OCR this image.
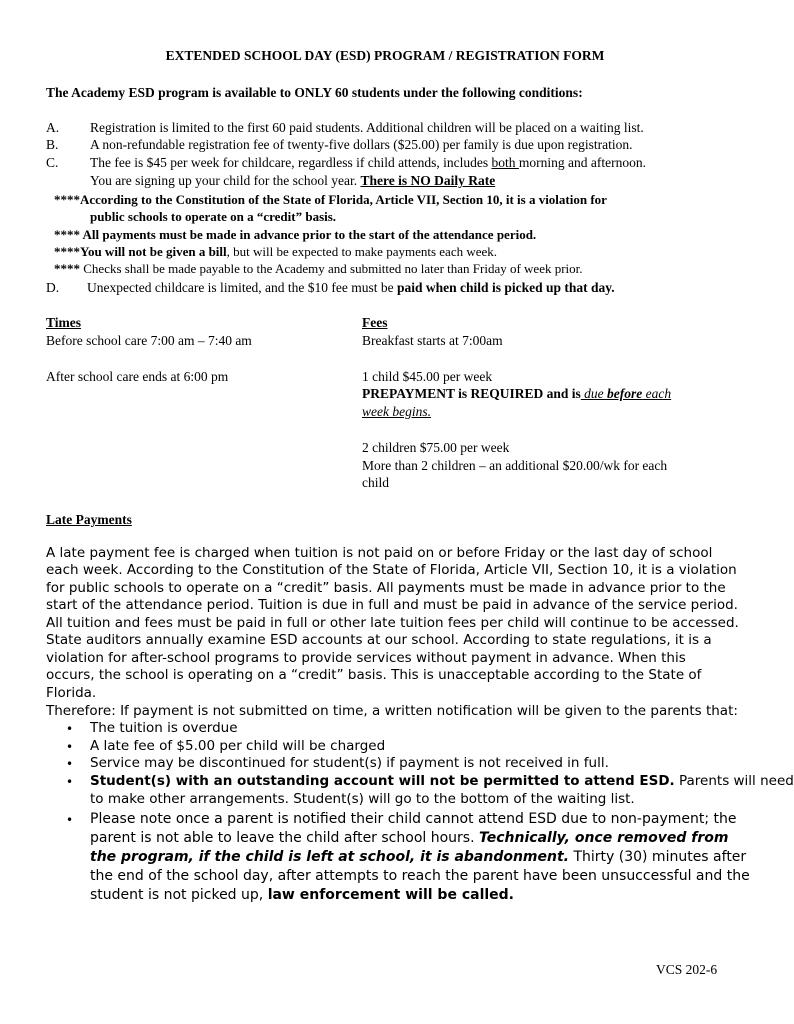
EXTENDED SCHOOL DAY (ESD) PROGRAM / REGISTRATION FORM
The Academy ESD program is available to ONLY 60 students under the following conditions:
A. Registration is limited to the first 60 paid students. Additional children will be placed on a waiting list.
B. A non-refundable registration fee of twenty-five dollars ($25.00) per family is due upon registration.
C. The fee is $45 per week for childcare, regardless if child attends, includes both morning and afternoon.
You are signing up your child for the school year. There is NO Daily Rate
****According to the Constitution of the State of Florida, Article VII, Section 10, it is a violation for
public schools to operate on a “credit” basis.
**** All payments must be made in advance prior to the start of the attendance period.
****You will not be given a bill, but will be expected to make payments each week.
**** Checks shall be made payable to the Academy and submitted no later than Friday of week prior.
D. Unexpected childcare is limited, and the $10 fee must be paid when child is picked up that day.
Times
Before school care 7:00 am – 7:40 am
After school care ends at 6:00 pm
Fees
Breakfast starts at 7:00am
1 child $45.00 per week
PREPAYMENT is REQUIRED and is due before each
week begins.
2 children $75.00 per week
More than 2 children – an additional $20.00/wk for each
child
Late Payments
A late payment fee is charged when tuition is not paid on or before Friday or the last day of school
each week. According to the Constitution of the State of Florida, Article VII, Section 10, it is a violation
for public schools to operate on a “credit” basis. All payments must be made in advance prior to the
start of the attendance period. Tuition is due in full and must be paid in advance of the service period.
All tuition and fees must be paid in full or other late tuition fees per child will continue to be accessed.
State auditors annually examine ESD accounts at our school. According to state regulations, it is a
violation for after-school programs to provide services without payment in advance. When this
occurs, the school is operating on a “credit” basis. This is unacceptable according to the State of
Florida.
Therefore: If payment is not submitted on time, a written notification will be given to the parents that:
• The tuition is overdue
• A late fee of $5.00 per child will be charged
• Service may be discontinued for student(s) if payment is not received in full.
• Student(s) with an outstanding account will not be permitted to attend ESD. Parents will need
to make other arrangements. Student(s) will go to the bottom of the waiting list.
• Please note once a parent is notified their child cannot attend ESD due to non-payment; the
parent is not able to leave the child after school hours. Technically, once removed from
the program, if the child is left at school, it is abandonment. Thirty (30) minutes after
the end of the school day, after attempts to reach the parent have been unsuccessful and the
student is not picked up, law enforcement will be called.
VCS 202-6
